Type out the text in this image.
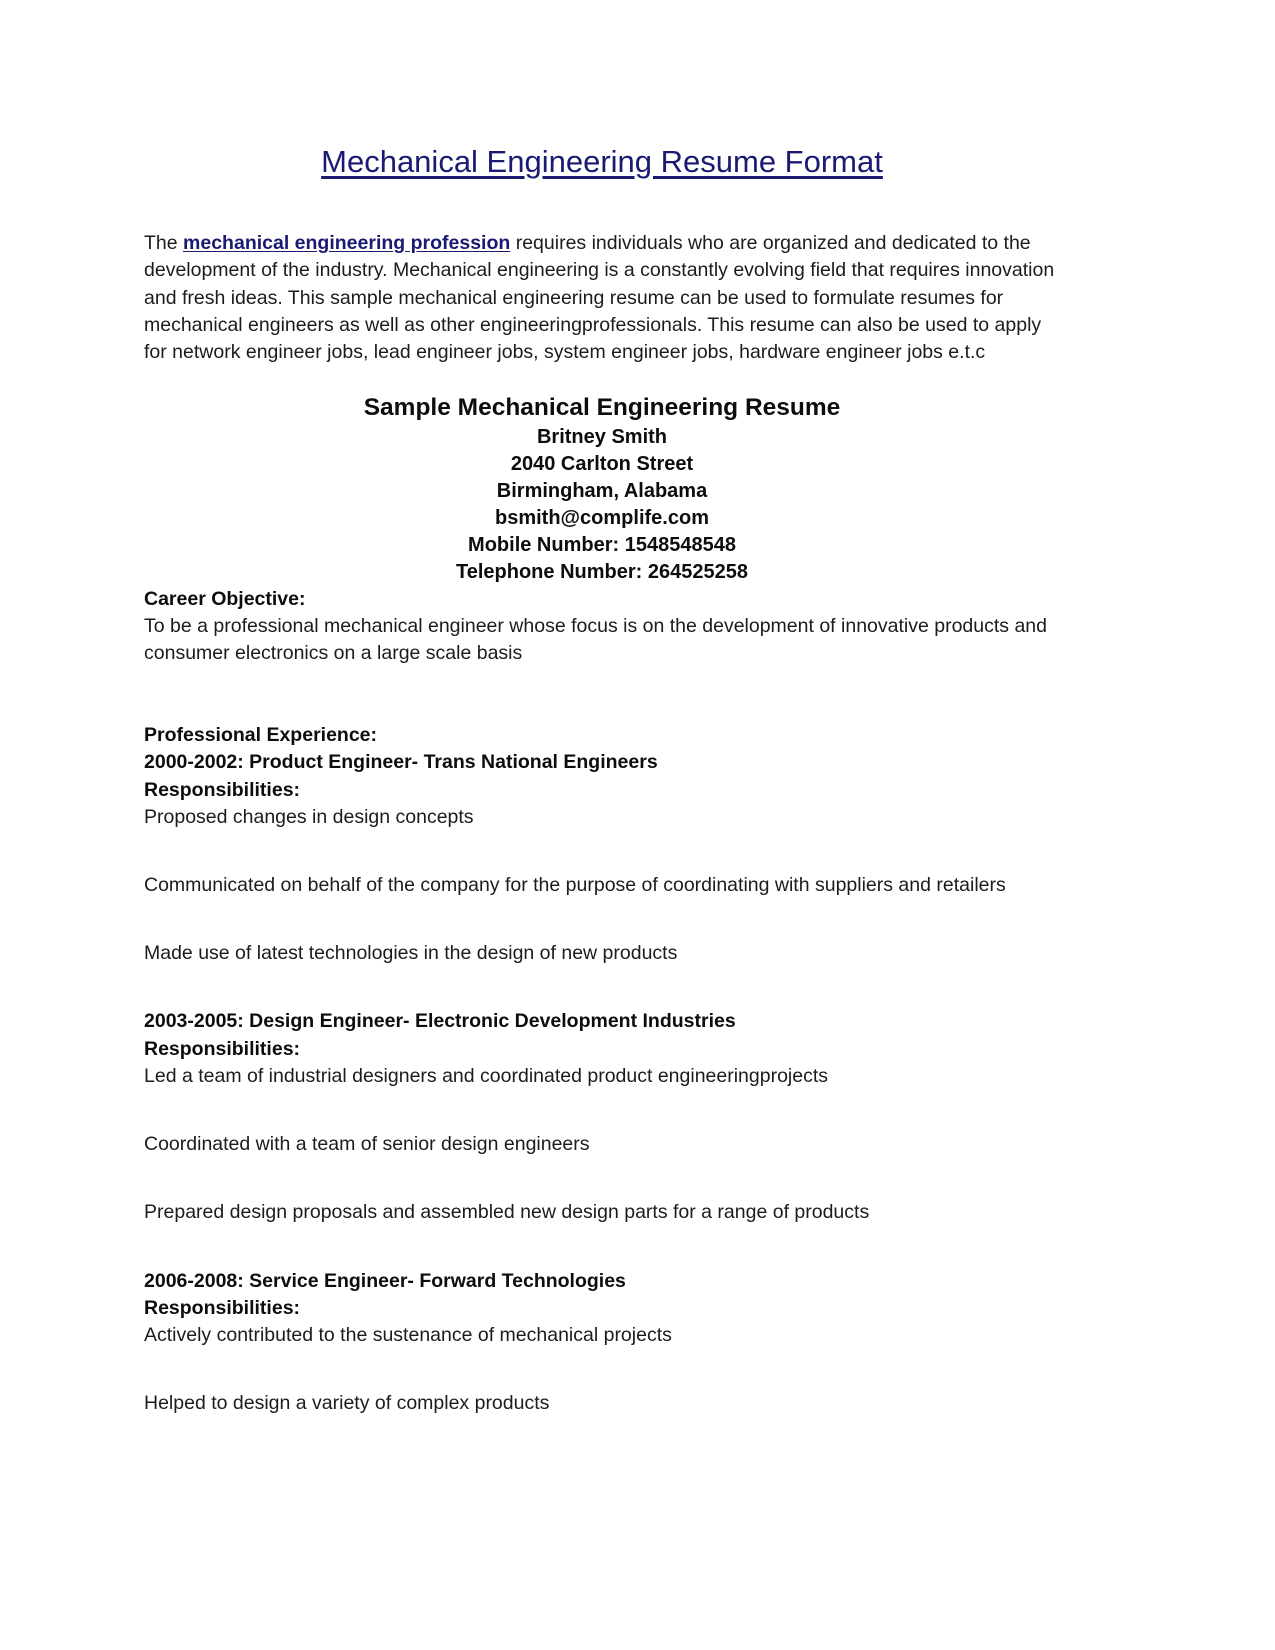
Mechanical Engineering Resume Format

The mechanical engineering profession requires individuals who are organized and dedicated to the development of the industry. Mechanical engineering is a constantly evolving field that requires innovation and fresh ideas. This sample mechanical engineering resume can be used to formulate resumes for mechanical engineers as well as other engineeringprofessionals. This resume can also be used to apply for network engineer jobs, lead engineer jobs, system engineer jobs, hardware engineer jobs e.t.c

Sample Mechanical Engineering Resume
Britney Smith
2040 Carlton Street
Birmingham, Alabama
bsmith@complife.com
Mobile Number: 1548548548
Telephone Number: 264525258
Career Objective:
To be a professional mechanical engineer whose focus is on the development of innovative products and consumer electronics on a large scale basis
Professional Experience:
2000-2002: Product Engineer- Trans National Engineers
Responsibilities:
Proposed changes in design concepts
Communicated on behalf of the company for the purpose of coordinating with suppliers and retailers
Made use of latest technologies in the design of new products
2003-2005: Design Engineer- Electronic Development Industries
Responsibilities:
Led a team of industrial designers and coordinated product engineeringprojects
Coordinated with a team of senior design engineers
Prepared design proposals and assembled new design parts for a range of products
2006-2008: Service Engineer- Forward Technologies
Responsibilities:
Actively contributed to the sustenance of mechanical projects
Helped to design a variety of complex products
